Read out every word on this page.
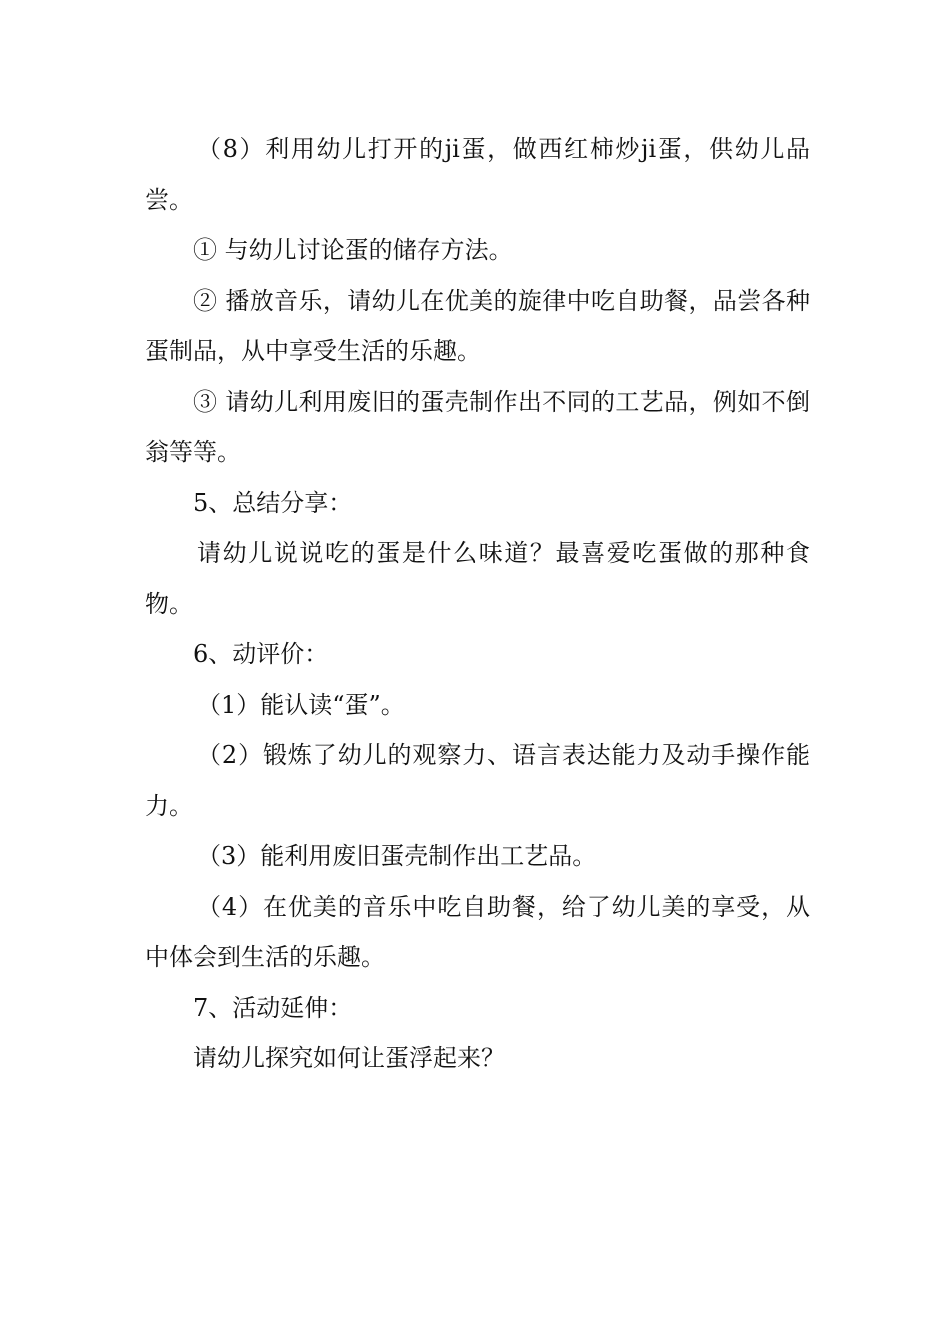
（8）利用幼儿打开的ji蛋，做西红柿炒ji蛋，供幼儿品尝。

① 与幼儿讨论蛋的储存方法。

② 播放音乐，请幼儿在优美的旋律中吃自助餐，品尝各种蛋制品，从中享受生活的乐趣。

③ 请幼儿利用废旧的蛋壳制作出不同的工艺品，例如不倒翁等等。

5、总结分享：

请幼儿说说吃的蛋是什么味道？最喜爱吃蛋做的那种食物。

6、动评价：

（1）能认读“蛋”。

（2）锻炼了幼儿的观察力、语言表达能力及动手操作能力。

（3）能利用废旧蛋壳制作出工艺品。

（4）在优美的音乐中吃自助餐，给了幼儿美的享受，从中体会到生活的乐趣。

7、活动延伸：

请幼儿探究如何让蛋浮起来？
